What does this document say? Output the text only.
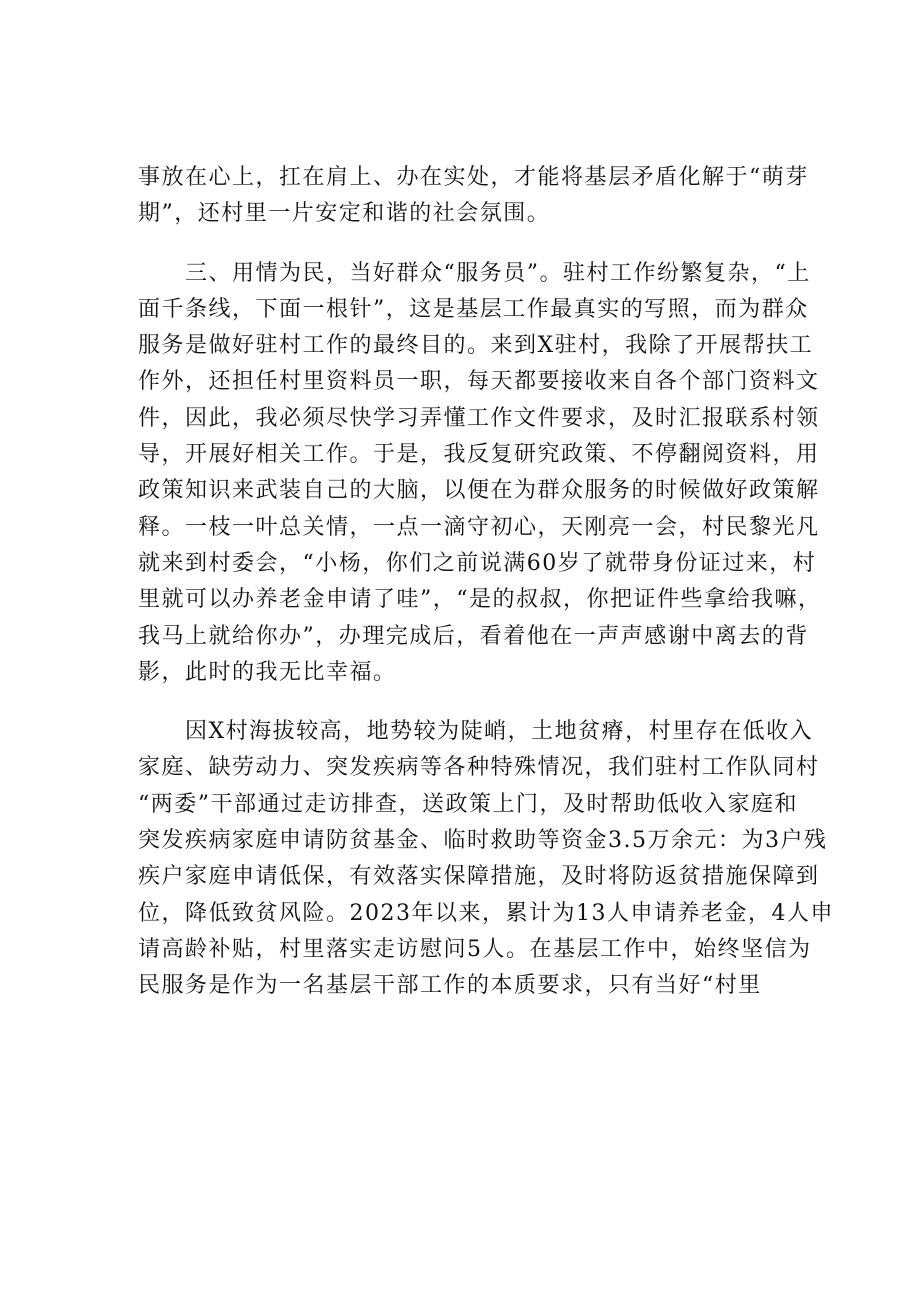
事放在心上，扛在肩上、办在实处，才能将基层矛盾化解于“萌芽
期”，还村里一片安定和谐的社会氛围。
　　三、用情为民，当好群众“服务员”。驻村工作纷繁复杂，“上
面千条线，下面一根针”，这是基层工作最真实的写照，而为群众
服务是做好驻村工作的最终目的。来到X驻村，我除了开展帮扶工
作外，还担任村里资料员一职，每天都要接收来自各个部门资料文
件，因此，我必须尽快学习弄懂工作文件要求，及时汇报联系村领
导，开展好相关工作。于是，我反复研究政策、不停翻阅资料，用
政策知识来武装自己的大脑，以便在为群众服务的时候做好政策解
释。一枝一叶总关情，一点一滴守初心，天刚亮一会，村民黎光凡
就来到村委会，“小杨，你们之前说满60岁了就带身份证过来，村
里就可以办养老金申请了哇”，“是的叔叔，你把证件些拿给我嘛，
我马上就给你办”，办理完成后，看着他在一声声感谢中离去的背
影，此时的我无比幸福。
　　因X村海拔较高，地势较为陡峭，土地贫瘠，村里存在低收入
家庭、缺劳动力、突发疾病等各种特殊情况，我们驻村工作队同村
“两委”干部通过走访排查，送政策上门，及时帮助低收入家庭和
突发疾病家庭申请防贫基金、临时救助等资金3.5万余元：为3户残
疾户家庭申请低保，有效落实保障措施，及时将防返贫措施保障到
位，降低致贫风险。2023年以来，累计为13人申请养老金，4人申
请高龄补贴，村里落实走访慰问5人。在基层工作中，始终坚信为
民服务是作为一名基层干部工作的本质要求，只有当好“村里
